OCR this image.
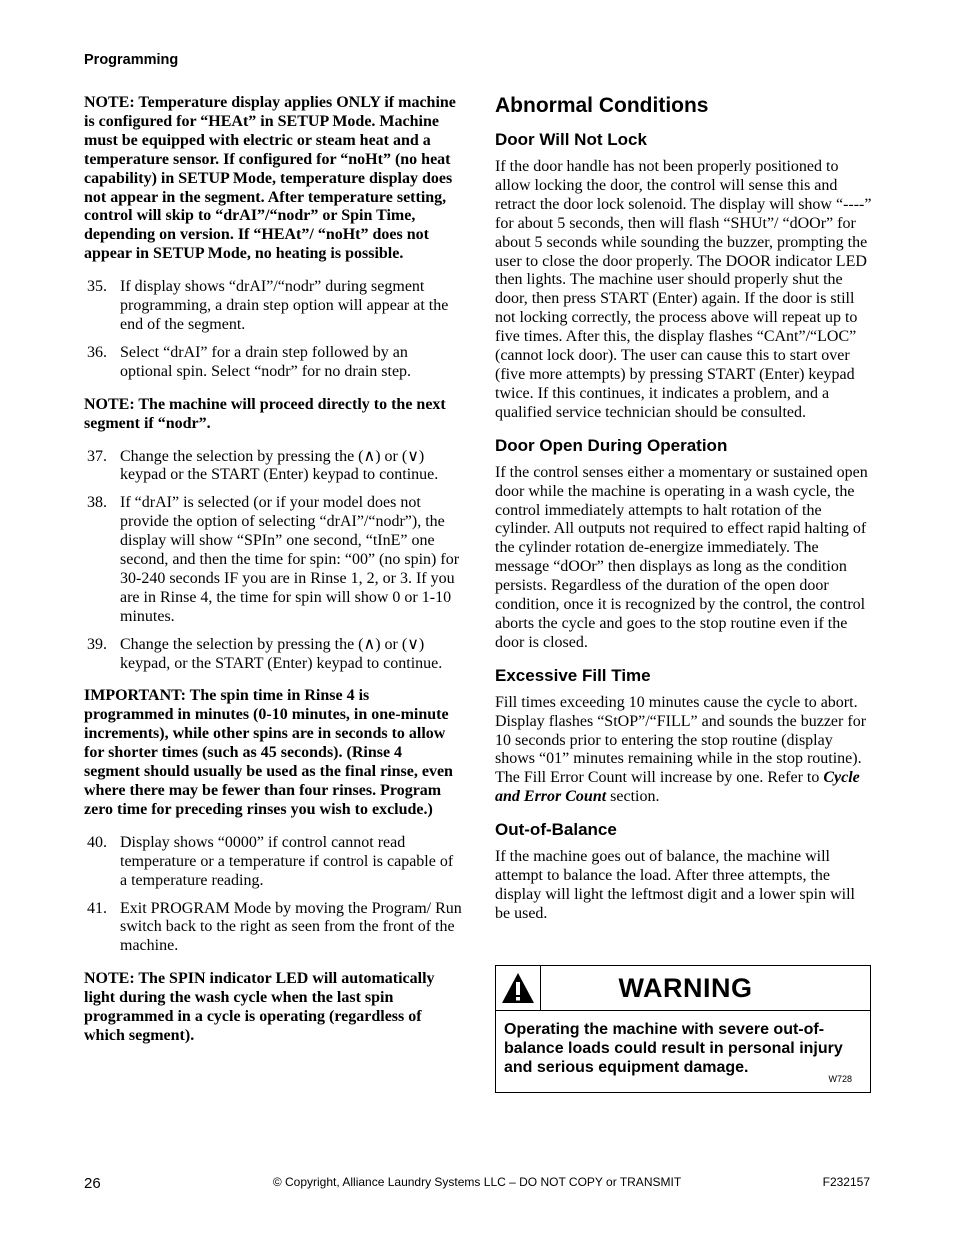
Programming

NOTE: Temperature display applies ONLY if machine is configured for “HEAt” in SETUP Mode. Machine must be equipped with electric or steam heat and a temperature sensor. If configured for “noHt” (no heat capability) in SETUP Mode, temperature display does not appear in the segment. After temperature setting, control will skip to “drAI”/“nodr” or Spin Time, depending on version. If “HEAt”/ “noHt” does not appear in SETUP Mode, no heating is possible.

35. If display shows “drAI”/“nodr” during segment programming, a drain step option will appear at the end of the segment.
36. Select “drAI” for a drain step followed by an optional spin. Select “nodr” for no drain step.

NOTE: The machine will proceed directly to the next segment if “nodr”.

37. Change the selection by pressing the (∧) or (∨) keypad or the START (Enter) keypad to continue.
38. If “drAI” is selected (or if your model does not provide the option of selecting “drAI”/“nodr”), the display will show “SPIn” one second, “tInE” one second, and then the time for spin: “00” (no spin) for 30-240 seconds IF you are in Rinse 1, 2, or 3. If you are in Rinse 4, the time for spin will show 0 or 1-10 minutes.
39. Change the selection by pressing the (∧) or (∨) keypad, or the START (Enter) keypad to continue.

IMPORTANT: The spin time in Rinse 4 is programmed in minutes (0-10 minutes, in one-minute increments), while other spins are in seconds to allow for shorter times (such as 45 seconds). (Rinse 4 segment should usually be used as the final rinse, even where there may be fewer than four rinses. Program zero time for preceding rinses you wish to exclude.)

40. Display shows “0000” if control cannot read temperature or a temperature if control is capable of a temperature reading.
41. Exit PROGRAM Mode by moving the Program/ Run switch back to the right as seen from the front of the machine.

NOTE: The SPIN indicator LED will automatically light during the wash cycle when the last spin programmed in a cycle is operating (regardless of which segment).

Abnormal Conditions
Door Will Not Lock

If the door handle has not been properly positioned to allow locking the door, the control will sense this and retract the door lock solenoid. The display will show “----” for about 5 seconds, then will flash “SHUt”/ “dOOr” for about 5 seconds while sounding the buzzer, prompting the user to close the door properly. The DOOR indicator LED then lights. The machine user should properly shut the door, then press START (Enter) again. If the door is still not locking correctly, the process above will repeat up to five times. After this, the display flashes “CAnt”/“LOC” (cannot lock door). The user can cause this to start over (five more attempts) by pressing START (Enter) keypad twice. If this continues, it indicates a problem, and a qualified service technician should be consulted.

Door Open During Operation

If the control senses either a momentary or sustained open door while the machine is operating in a wash cycle, the control immediately attempts to halt rotation of the cylinder. All outputs not required to effect rapid halting of the cylinder rotation de-energize immediately. The message “dOOr” then displays as long as the condition persists. Regardless of the duration of the open door condition, once it is recognized by the control, the control aborts the cycle and goes to the stop routine even if the door is closed.

Excessive Fill Time

Fill times exceeding 10 minutes cause the cycle to abort. Display flashes “StOP”/“FILL” and sounds the buzzer for 10 seconds prior to entering the stop routine (display shows “01” minutes remaining while in the stop routine). The Fill Error Count will increase by one. Refer to Cycle and Error Count section.

Out-of-Balance

If the machine goes out of balance, the machine will attempt to balance the load. After three attempts, the display will light the leftmost digit and a lower spin will be used.

WARNING
Operating the machine with severe out-of-balance loads could result in personal injury and serious equipment damage.
W728
© Copyright, Alliance Laundry Systems LLC – DO NOT COPY or TRANSMIT
26	F232157
